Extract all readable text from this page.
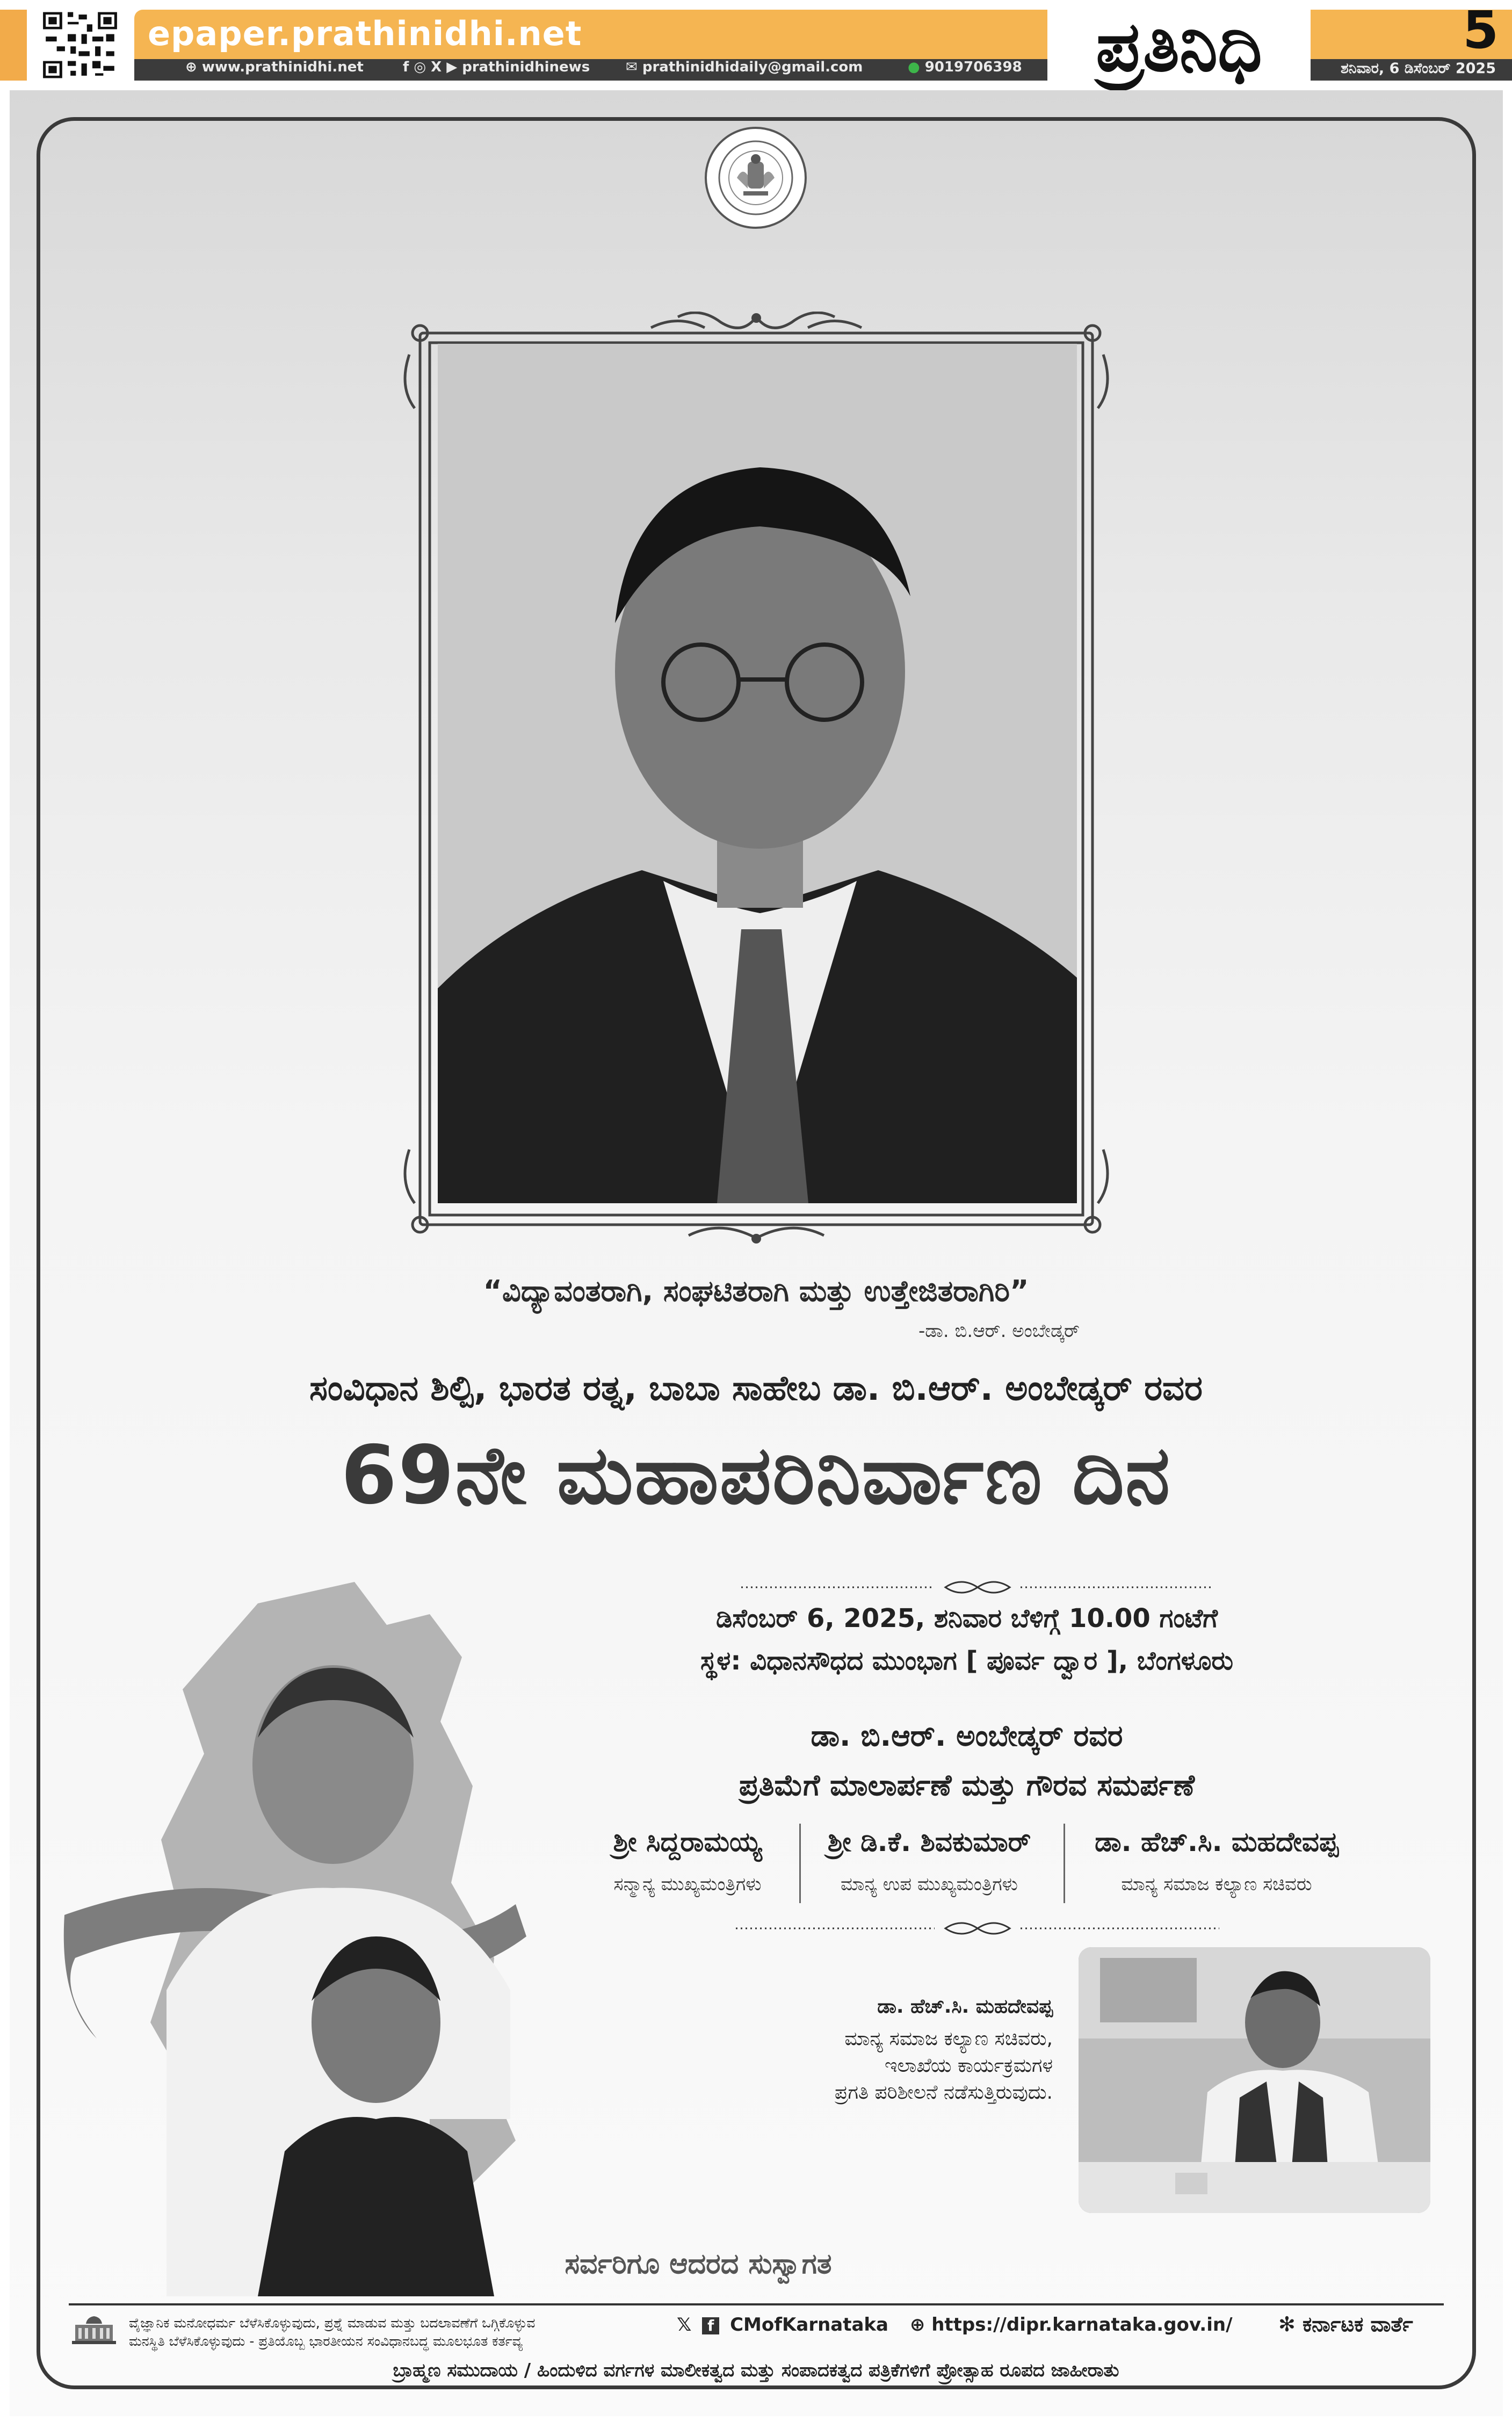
epaper.prathinidhi.net
⊕ www.prathinidhi.net	f ◎ X ▶ prathinidhinews	✉ prathinidhidaily@gmail.com	● 9019706398	ಪ್ರತಿನಿಧಿ	5
ಶನಿವಾರ, 6 ಡಿಸೆಂಬರ್ 2025
“ವಿದ್ಯಾವಂತರಾಗಿ, ಸಂಘಟಿತರಾಗಿ ಮತ್ತು ಉತ್ತೇಜಿತರಾಗಿರಿ”
-ಡಾ. ಬಿ.ಆರ್. ಅಂಬೇಡ್ಕರ್
ಸಂವಿಧಾನ ಶಿಲ್ಪಿ, ಭಾರತ ರತ್ನ, ಬಾಬಾ ಸಾಹೇಬ ಡಾ. ಬಿ.ಆರ್. ಅಂಬೇಡ್ಕರ್ ರವರ
69ನೇ ಮಹಾಪರಿನಿರ್ವಾಣ ದಿನ
ಡಿಸೆಂಬರ್ 6, 2025, ಶನಿವಾರ ಬೆಳಿಗ್ಗೆ 10.00 ಗಂಟೆಗೆ
ಸ್ಥಳ: ವಿಧಾನಸೌಧದ ಮುಂಭಾಗ [ ಪೂರ್ವ ದ್ವಾರ ], ಬೆಂಗಳೂರು
ಡಾ. ಬಿ.ಆರ್. ಅಂಬೇಡ್ಕರ್ ರವರ
ಪ್ರತಿಮೆಗೆ ಮಾಲಾರ್ಪಣೆ ಮತ್ತು ಗೌರವ ಸಮರ್ಪಣೆ
ಶ್ರೀ ಸಿದ್ದರಾಮಯ್ಯ
ಸನ್ಮಾನ್ಯ ಮುಖ್ಯಮಂತ್ರಿಗಳು
ಶ್ರೀ ಡಿ.ಕೆ. ಶಿವಕುಮಾರ್
ಮಾನ್ಯ ಉಪ ಮುಖ್ಯಮಂತ್ರಿಗಳು
ಡಾ. ಹೆಚ್.ಸಿ. ಮಹದೇವಪ್ಪ
ಮಾನ್ಯ ಸಮಾಜ ಕಲ್ಯಾಣ ಸಚಿವರು
ಡಾ. ಹೆಚ್.ಸಿ. ಮಹದೇವಪ್ಪ
ಮಾನ್ಯ ಸಮಾಜ ಕಲ್ಯಾಣ ಸಚಿವರು,
ಇಲಾಖೆಯ ಕಾರ್ಯಕ್ರಮಗಳ
ಪ್ರಗತಿ ಪರಿಶೀಲನೆ ನಡೆಸುತ್ತಿರುವುದು.
ಸರ್ವರಿಗೂ ಆದರದ ಸುಸ್ವಾಗತ
ವೈಜ್ಞಾನಿಕ ಮನೋಧರ್ಮ ಬೆಳೆಸಿಕೊಳ್ಳುವುದು, ಪ್ರಶ್ನೆ ಮಾಡುವ ಮತ್ತು ಬದಲಾವಣೆಗೆ ಒಗ್ಗಿಕೊಳ್ಳುವ
ಮನಸ್ಥಿತಿ ಬೆಳೆಸಿಕೊಳ್ಳುವುದು - ಪ್ರತಿಯೊಬ್ಬ ಭಾರತೀಯನ ಸಂವಿಧಾನಬದ್ಧ ಮೂಲಭೂತ ಕರ್ತವ್ಯ
𝕏 f CMofKarnataka ⊕ https://dipr.karnataka.gov.in/ ✻ ಕರ್ನಾಟಕ ವಾರ್ತೆ
ಬ್ರಾಹ್ಮಣ ಸಮುದಾಯ / ಹಿಂದುಳಿದ ವರ್ಗಗಳ ಮಾಲೀಕತ್ವದ ಮತ್ತು ಸಂಪಾದಕತ್ವದ ಪತ್ರಿಕೆಗಳಿಗೆ ಪ್ರೋತ್ಸಾಹ ರೂಪದ ಜಾಹೀರಾತು
